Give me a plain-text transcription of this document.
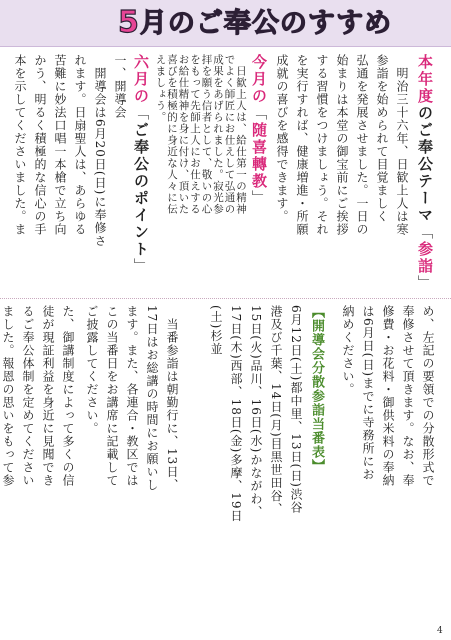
5月のご奉公のすすめ
本年度のご奉公テーマ「参詣」
　明治三十六年、日歓上人は寒
参詣を始められて目覚ましく
弘通を発展させました。一日の
始まりは本堂の御宝前にご挨拶
する習慣をつけましょう。それ
を実行すれば、健康増進・所願
成就の喜びを感得できます。
今月の「随喜轉教」
　日歓上人は、給仕第一の精神
でよく師匠にお仕えして弘通の
成果をあげられました。寂光参
拝を願う信者として、敬いの心
をもって先師上人にお仕えする
お給仕精神を身に付け、頂いた
喜びを積極的に身近な人々に伝
えましょう。
め、左記の要領での分散形式で
奉修させて頂きます。なお、奉
修費・お花料・御供米料の奉納
は6月日(日)までに寺務所にお
納めください。
【開導会分散参詣当番表】
6月12日(土)都中里、13日(日)渋谷
港及び千葉、14日(月)目黒世田谷、
15日(火)品川、16日(水)かながわ、
17日(木)西部、18日(金)多摩、19日
(土)杉並
　当番参詣は朝勤行に、13日、
17日はお総講の時間にお願いし
ます。また、各連合・教区では
この当番日をお講席に記載して
ご披露してください。
六月の「ご奉公のポイント」
一、開導会
　開導会は6月20日(日)に奉修さ
れます。日扇聖人は、あらゆる
苦難に妙法口唱一本槍で立ち向
かう、明るく積極的な信心の手
本を示してくださいました。ま
た、御講制度によって多くの信
徒が現証利益を身近に見聞でき
るご奉公体制を定めてください
ました。報恩の思いをもって参
4
